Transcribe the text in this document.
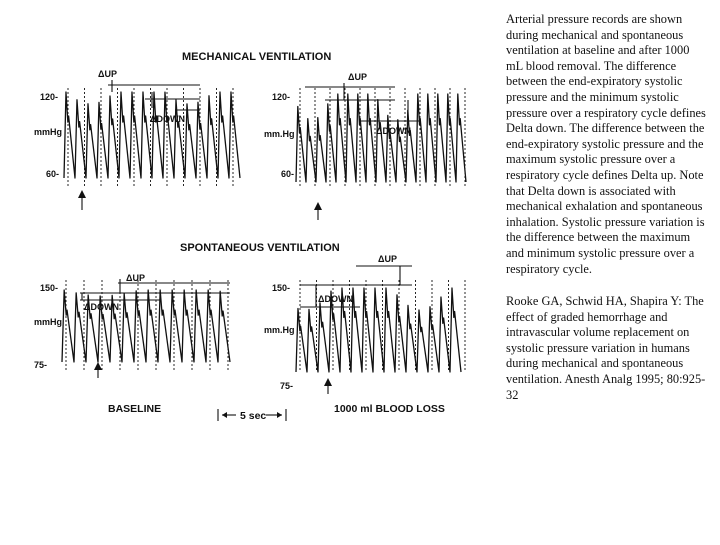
MECHANICAL VENTILATION
SPONTANEOUS VENTILATION
120-
mmHg
60-
ΔUP
ΔDOWN
120-
mm.Hg
60-
ΔUP
ΔDOWN
150-
mmHg
75-
ΔUP
ΔDOWN
150-
mm.Hg
75-
ΔUP
ΔDOWN
BASELINE	1000 ml BLOOD LOSS
5 sec

Arterial pressure records are shown during mechanical and spontaneous ventilation at baseline and after 1000 mL blood removal. The difference between the end-expiratory systolic pressure and the minimum systolic pressure over a respiratory cycle defines Delta down. The difference between the end-expiratory systolic pressure and the maximum systolic pressure over a respiratory cycle defines Delta up. Note that Delta down is associated with mechanical exhalation and spontaneous inhalation. Systolic pressure variation is the difference between the maximum and minimum systolic pressure over a respiratory cycle.

Rooke GA, Schwid HA, Shapira Y: The effect of graded hemorrhage and intravascular volume replacement on systolic pressure variation in humans during mechanical and spontaneous ventilation. Anesth Analg 1995; 80:925-32
